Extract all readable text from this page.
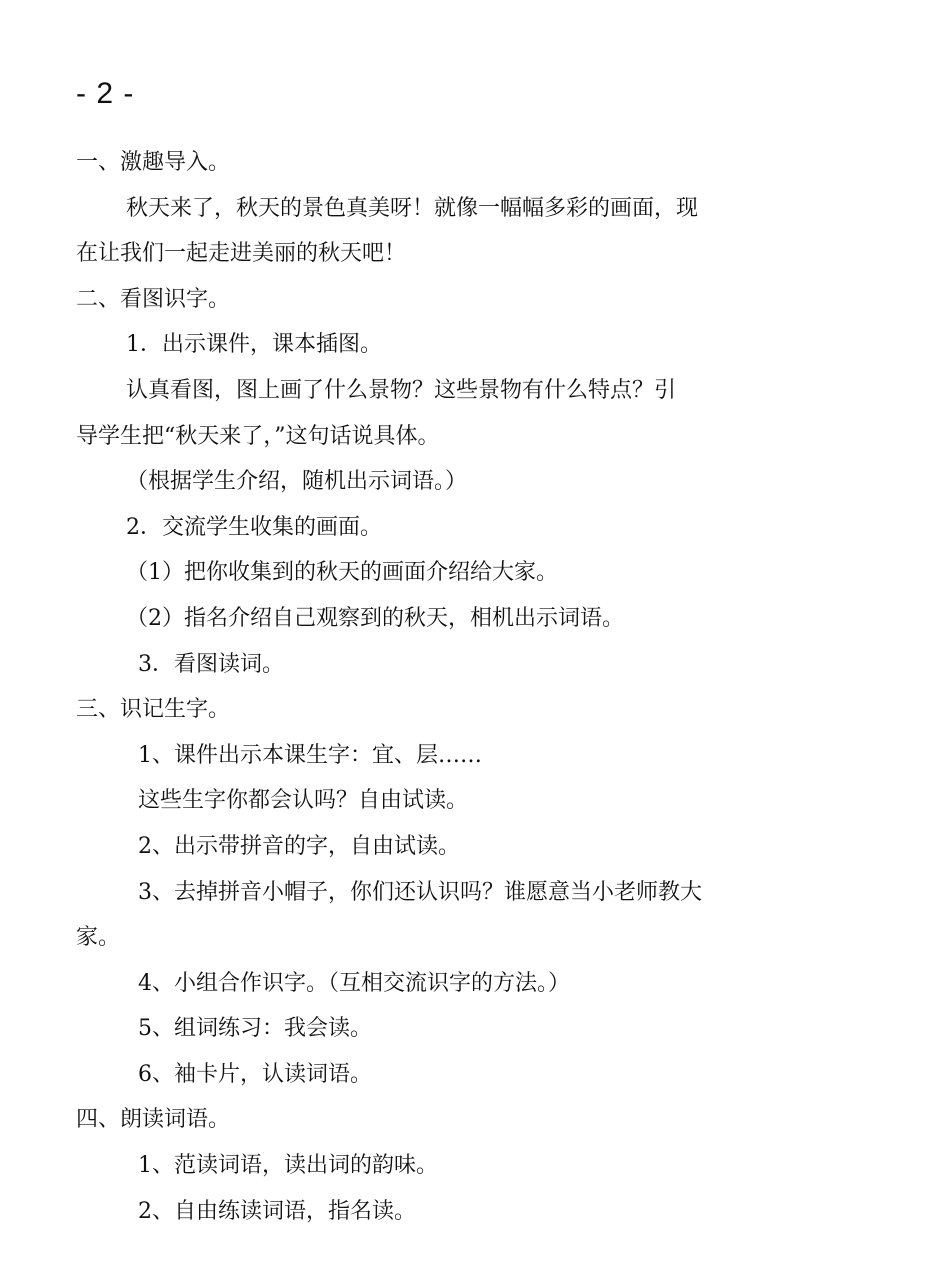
- 2 -
一、激趣导入。
秋天来了，秋天的景色真美呀！就像一幅幅多彩的画面，现
在让我们一起走进美丽的秋天吧！
二、看图识字。
1．出示课件，课本插图。
认真看图，图上画了什么景物？这些景物有什么特点？引
导学生把“秋天来了，”这句话说具体。
（根据学生介绍，随机出示词语。）
2．交流学生收集的画面。
（1）把你收集到的秋天的画面介绍给大家。
（2）指名介绍自己观察到的秋天，相机出示词语。
3．看图读词。
三、识记生字。
1、课件出示本课生字：宜、层……
这些生字你都会认吗？自由试读。
2、出示带拼音的字，自由试读。
3、去掉拼音小帽子，你们还认识吗？谁愿意当小老师教大
家。
4、小组合作识字。（互相交流识字的方法。）
5、组词练习：我会读。
6、袖卡片，认读词语。
四、朗读词语。
1、范读词语，读出词的韵味。
2、自由练读词语，指名读。
